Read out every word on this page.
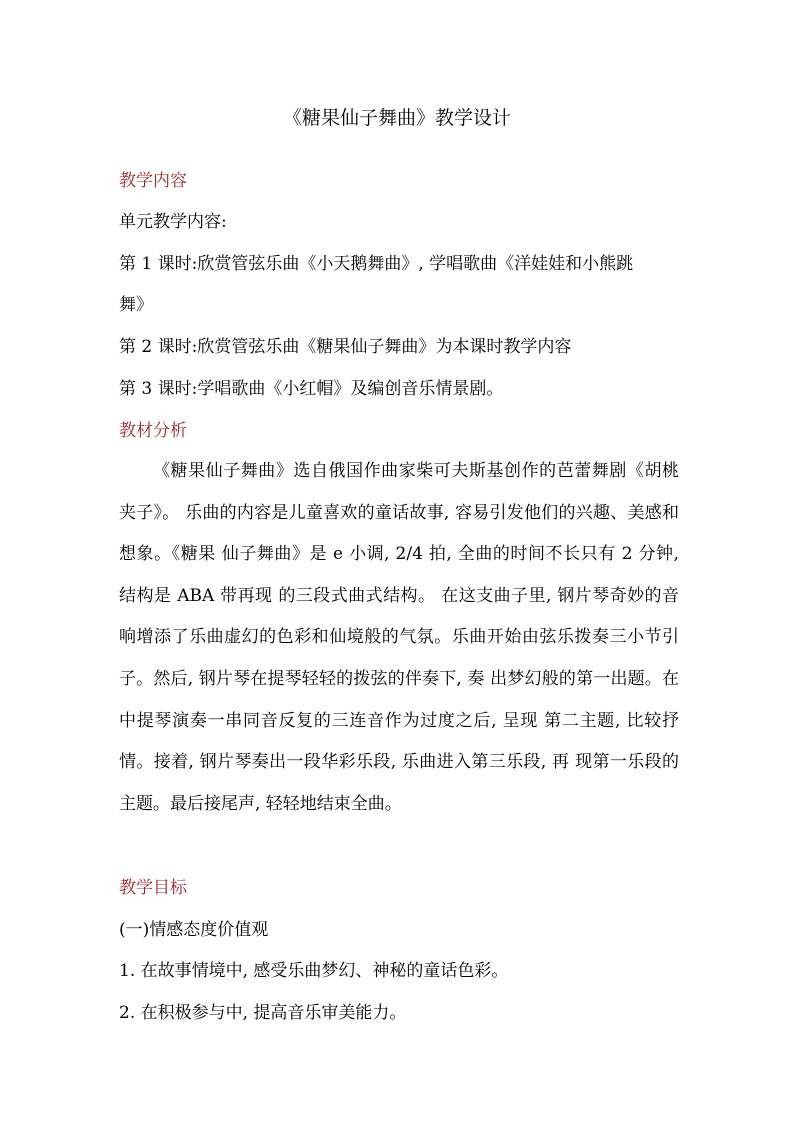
《糖果仙子舞曲》教学设计
教学内容
单元教学内容:
第 1 课时:欣赏管弦乐曲《小天鹅舞曲》, 学唱歌曲《洋娃娃和小熊跳
舞》
第 2 课时:欣赏管弦乐曲《糖果仙子舞曲》为本课时教学内容
第 3 课时:学唱歌曲《小红帽》及编创音乐情景剧。
教材分析
《糖果仙子舞曲》选自俄国作曲家柴可夫斯基创作的芭蕾舞剧《胡桃夹子》。 乐曲的内容是儿童喜欢的童话故事, 容易引发他们的兴趣、美感和想象。《糖果 仙子舞曲》是 e 小调, 2/4 拍, 全曲的时间不长只有 2 分钟, 结构是 ABA 带再现 的三段式曲式结构。 在这支曲子里, 钢片琴奇妙的音响增添了乐曲虚幻的色彩和仙境般的气氛。乐曲开始由弦乐拨奏三小节引子。然后, 钢片琴在提琴轻轻的拨弦的伴奏下, 奏 出梦幻般的第一出题。在中提琴演奏一串同音反复的三连音作为过度之后, 呈现 第二主题, 比较抒情。接着, 钢片琴奏出一段华彩乐段, 乐曲进入第三乐段, 再 现第一乐段的主题。最后接尾声, 轻轻地结束全曲。
教学目标
(一)情感态度价值观
1. 在故事情境中, 感受乐曲梦幻、神秘的童话色彩。
2. 在积极参与中, 提高音乐审美能力。
